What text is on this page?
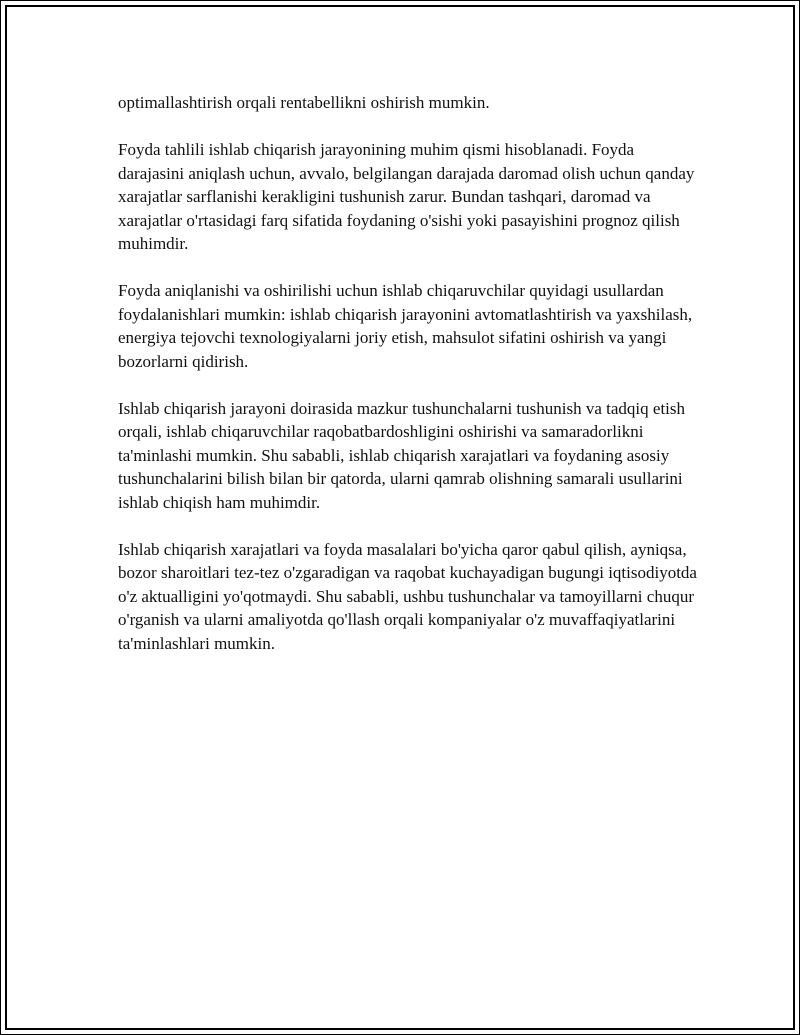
optimallashtirish orqali rentabellikni oshirish mumkin.

Foyda tahlili ishlab chiqarish jarayonining muhim qismi hisoblanadi. Foyda darajasini aniqlash uchun, avvalo, belgilangan darajada daromad olish uchun qanday xarajatlar sarflanishi kerakligini tushunish zarur. Bundan tashqari, daromad va xarajatlar o'rtasidagi farq sifatida foydaning o'sishi yoki pasayishini prognoz qilish muhimdir.

Foyda aniqlanishi va oshirilishi uchun ishlab chiqaruvchilar quyidagi usullardan foydalanishlari mumkin: ishlab chiqarish jarayonini avtomatlashtirish va yaxshilash, energiya tejovchi texnologiyalarni joriy etish, mahsulot sifatini oshirish va yangi bozorlarni qidirish.

Ishlab chiqarish jarayoni doirasida mazkur tushunchalarni tushunish va tadqiq etish orqali, ishlab chiqaruvchilar raqobatbardoshligini oshirishi va samaradorlikni ta'minlashi mumkin. Shu sababli, ishlab chiqarish xarajatlari va foydaning asosiy tushunchalarini bilish bilan bir qatorda, ularni qamrab olishning samarali usullarini ishlab chiqish ham muhimdir.

Ishlab chiqarish xarajatlari va foyda masalalari bo'yicha qaror qabul qilish, ayniqsa, bozor sharoitlari tez-tez o'zgaradigan va raqobat kuchayadigan bugungi iqtisodiyotda o'z aktualligini yo'qotmaydi. Shu sababli, ushbu tushunchalar va tamoyillarni chuqur o'rganish va ularni amaliyotda qo'llash orqali kompaniyalar o'z muvaffaqiyatlarini ta'minlashlari mumkin.
